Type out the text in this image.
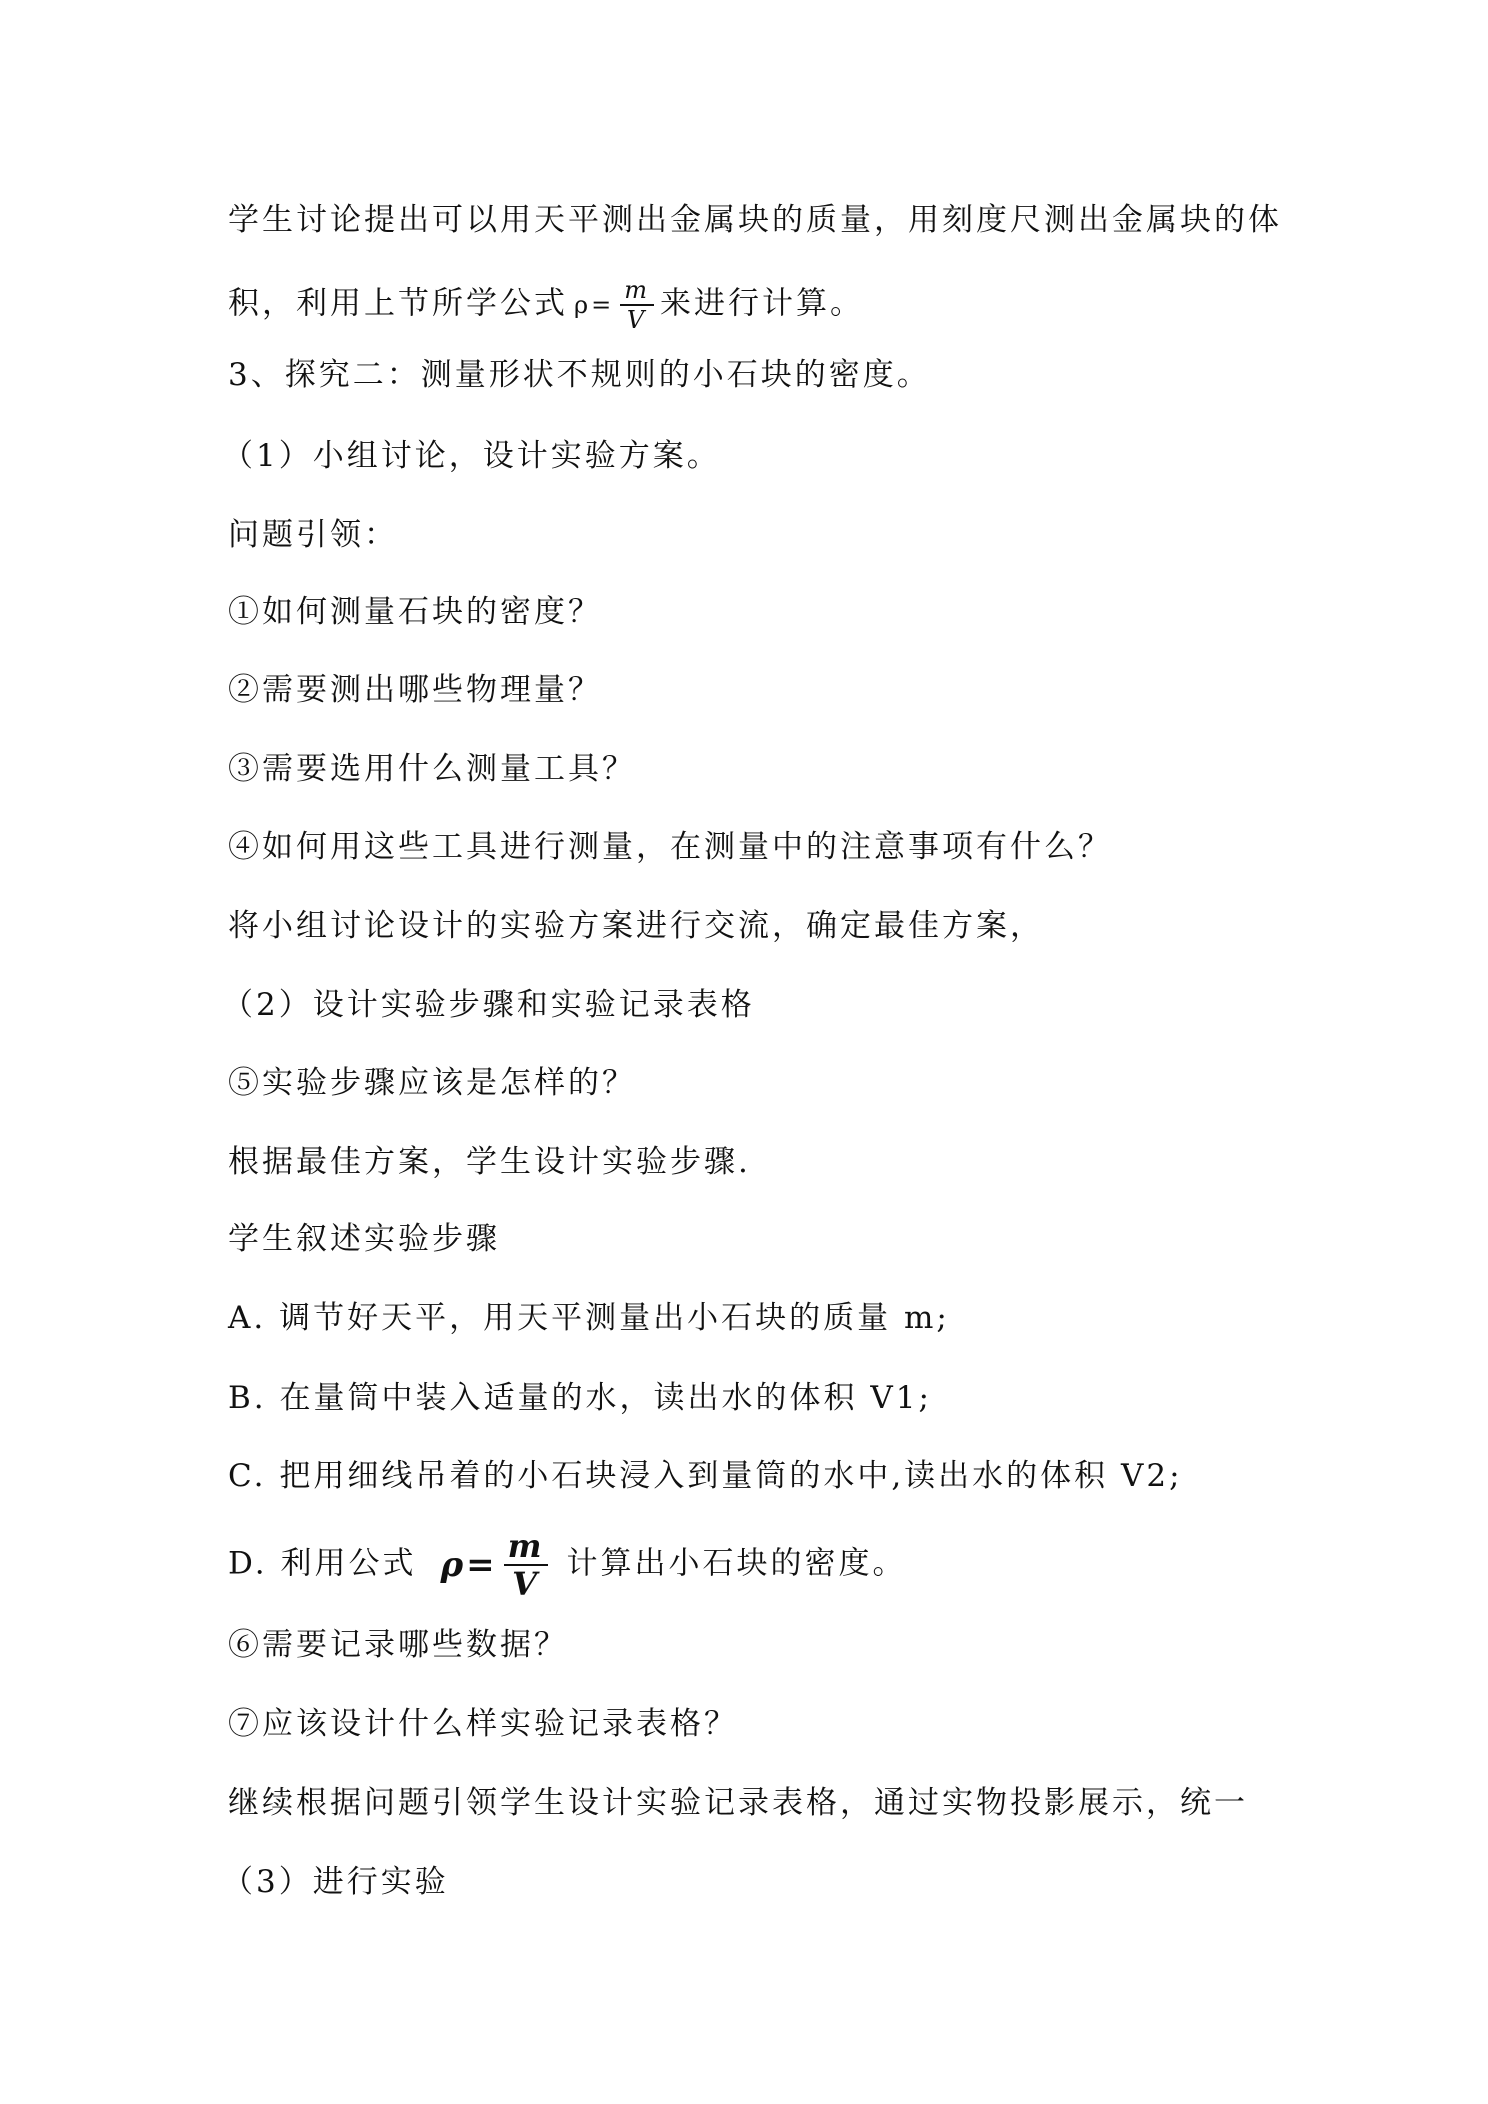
学生讨论提出可以用天平测出金属块的质量，用刻度尺测出金属块的体
积，利用上节所学公式 $\rho = \frac{m}{V}$ 来进行计算。
3、探究二：测量形状不规则的小石块的密度。
（1）小组讨论，设计实验方案。
问题引领：
①如何测量石块的密度？
②需要测出哪些物理量？
③需要选用什么测量工具？
④如何用这些工具进行测量，在测量中的注意事项有什么？
将小组讨论设计的实验方案进行交流，确定最佳方案，
（2）设计实验步骤和实验记录表格
⑤实验步骤应该是怎样的？
根据最佳方案，学生设计实验步骤.
学生叙述实验步骤
A. 调节好天平，用天平测量出小石块的质量 m;
B. 在量筒中装入适量的水，读出水的体积 V1;
C. 把用细线吊着的小石块浸入到量筒的水中,读出水的体积 V2;
D. 利用公式 $\rho = \frac{m}{V}$ 计算出小石块的密度。
⑥需要记录哪些数据？
⑦应该设计什么样实验记录表格？
继续根据问题引领学生设计实验记录表格，通过实物投影展示，统一
（3）进行实验
